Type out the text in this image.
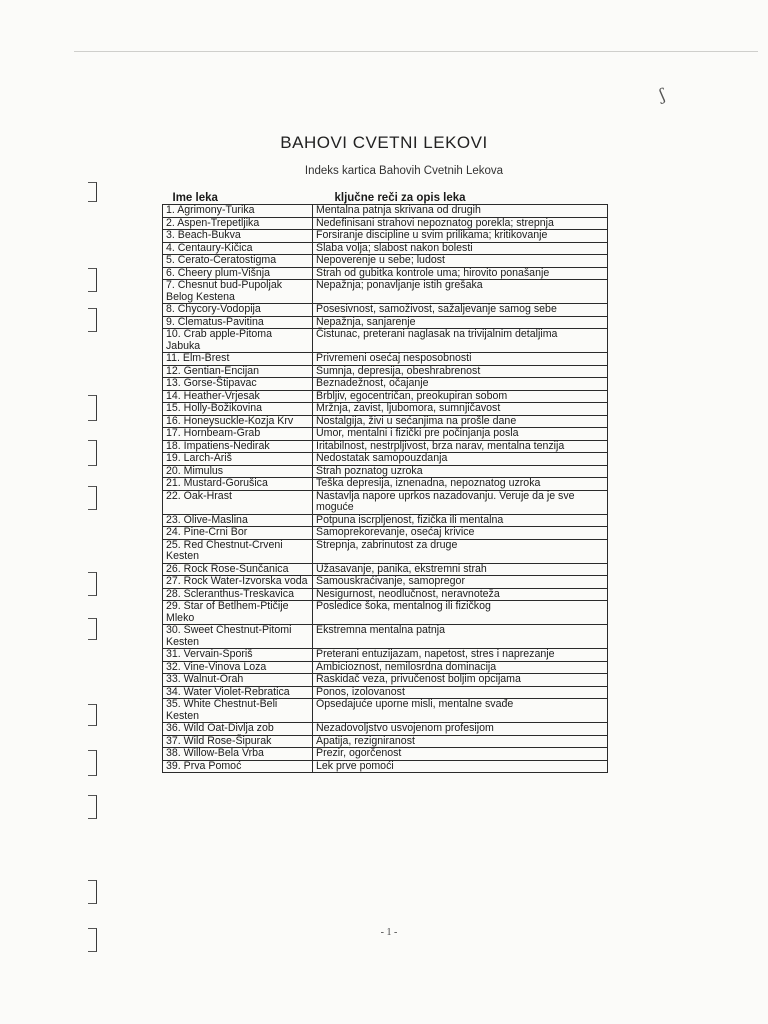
ʃ
BAHOVI CVETNI LEKOVI
Indeks kartica Bahovih Cvetnih Lekova
Ime leka	ključne reči za opis leka
1. Agrimony-Turika	Mentalna patnja skrivana od drugih
2. Aspen-Trepetljika	Nedefinisani strahovi nepoznatog porekla; strepnja
3. Beach-Bukva	Forsiranje discipline u svim prilikama; kritikovanje
4. Centaury-Kičica	Slaba volja; slabost nakon bolesti
5. Cerato-Ceratostigma	Nepoverenje u sebe; ludost
6. Cheery plum-Višnja	Strah od gubitka kontrole uma; hirovito ponašanje
7. Chesnut bud-Pupoljak Belog Kestena	Nepažnja; ponavljanje istih grešaka
8. Chycory-Vodopija	Posesivnost, samoživost, sažaljevanje samog sebe
9. Clematus-Pavitina	Nepažnja, sanjarenje
10. Crab apple-Pitoma Jabuka	Čistunac, preterani naglasak na trivijalnim detaljima
11. Elm-Brest	Privremeni osećaj nesposobnosti
12. Gentian-Encijan	Sumnja, depresija, obeshrabrenost
13. Gorse-Štipavac	Beznadežnost, očajanje
14. Heather-Vrjesak	Brbljiv, egocentričan, preokupiran sobom
15. Holly-Božikovina	Mržnja, zavist, ljubomora, sumnjičavost
16. Honeysuckle-Kozja Krv	Nostalgija, živi u sećanjima na prošle dane
17. Hornbeam-Grab	Umor, mentalni i fizički pre počinjanja posla
18. Impatiens-Nedirak	Iritabilnost, nestrpljivost, brza narav, mentalna tenzija
19. Larch-Ariš	Nedostatak samopouzdanja
20. Mimulus	Strah poznatog uzroka
21. Mustard-Gorušica	Teška depresija, iznenadna, nepoznatog uzroka
22. Oak-Hrast	Nastavlja napore uprkos nazadovanju. Veruje da je sve moguće
23. Olive-Maslina	Potpuna iscrpljenost, fizička ili mentalna
24. Pine-Crni Bor	Samoprekorevanje, osećaj krivice
25. Red Chestnut-Crveni Kesten	Strepnja, zabrinutost za druge
26. Rock Rose-Sunčanica	Užasavanje, panika, ekstremni strah
27. Rock Water-Izvorska voda	Samouskraćivanje, samopregor
28. Scleranthus-Treskavica	Nesigurnost, neodlučnost, neravnoteža
29. Star of Betlhem-Ptičije Mleko	Posledice šoka, mentalnog ili fizičkog
30. Sweet Chestnut-Pitomi Kesten	Ekstremna mentalna patnja
31. Vervain-Sporiš	Preterani entuzijazam, napetost, stres i naprezanje
32. Vine-Vinova Loza	Ambicioznost, nemilosrdna dominacija
33. Walnut-Orah	Raskidač veza, privučenost boljim opcijama
34. Water Violet-Rebratica	Ponos, izolovanost
35. White Chestnut-Beli Kesten	Opsedajuće uporne misli, mentalne svađe
36. Wild Oat-Divlja zob	Nezadovoljstvo usvojenom profesijom
37. Wild Rose-Šipurak	Apatija, rezigniranost
38. Willow-Bela Vrba	Prezir, ogorčenost
39. Prva Pomoć	Lek prve pomoći
- 1 -
